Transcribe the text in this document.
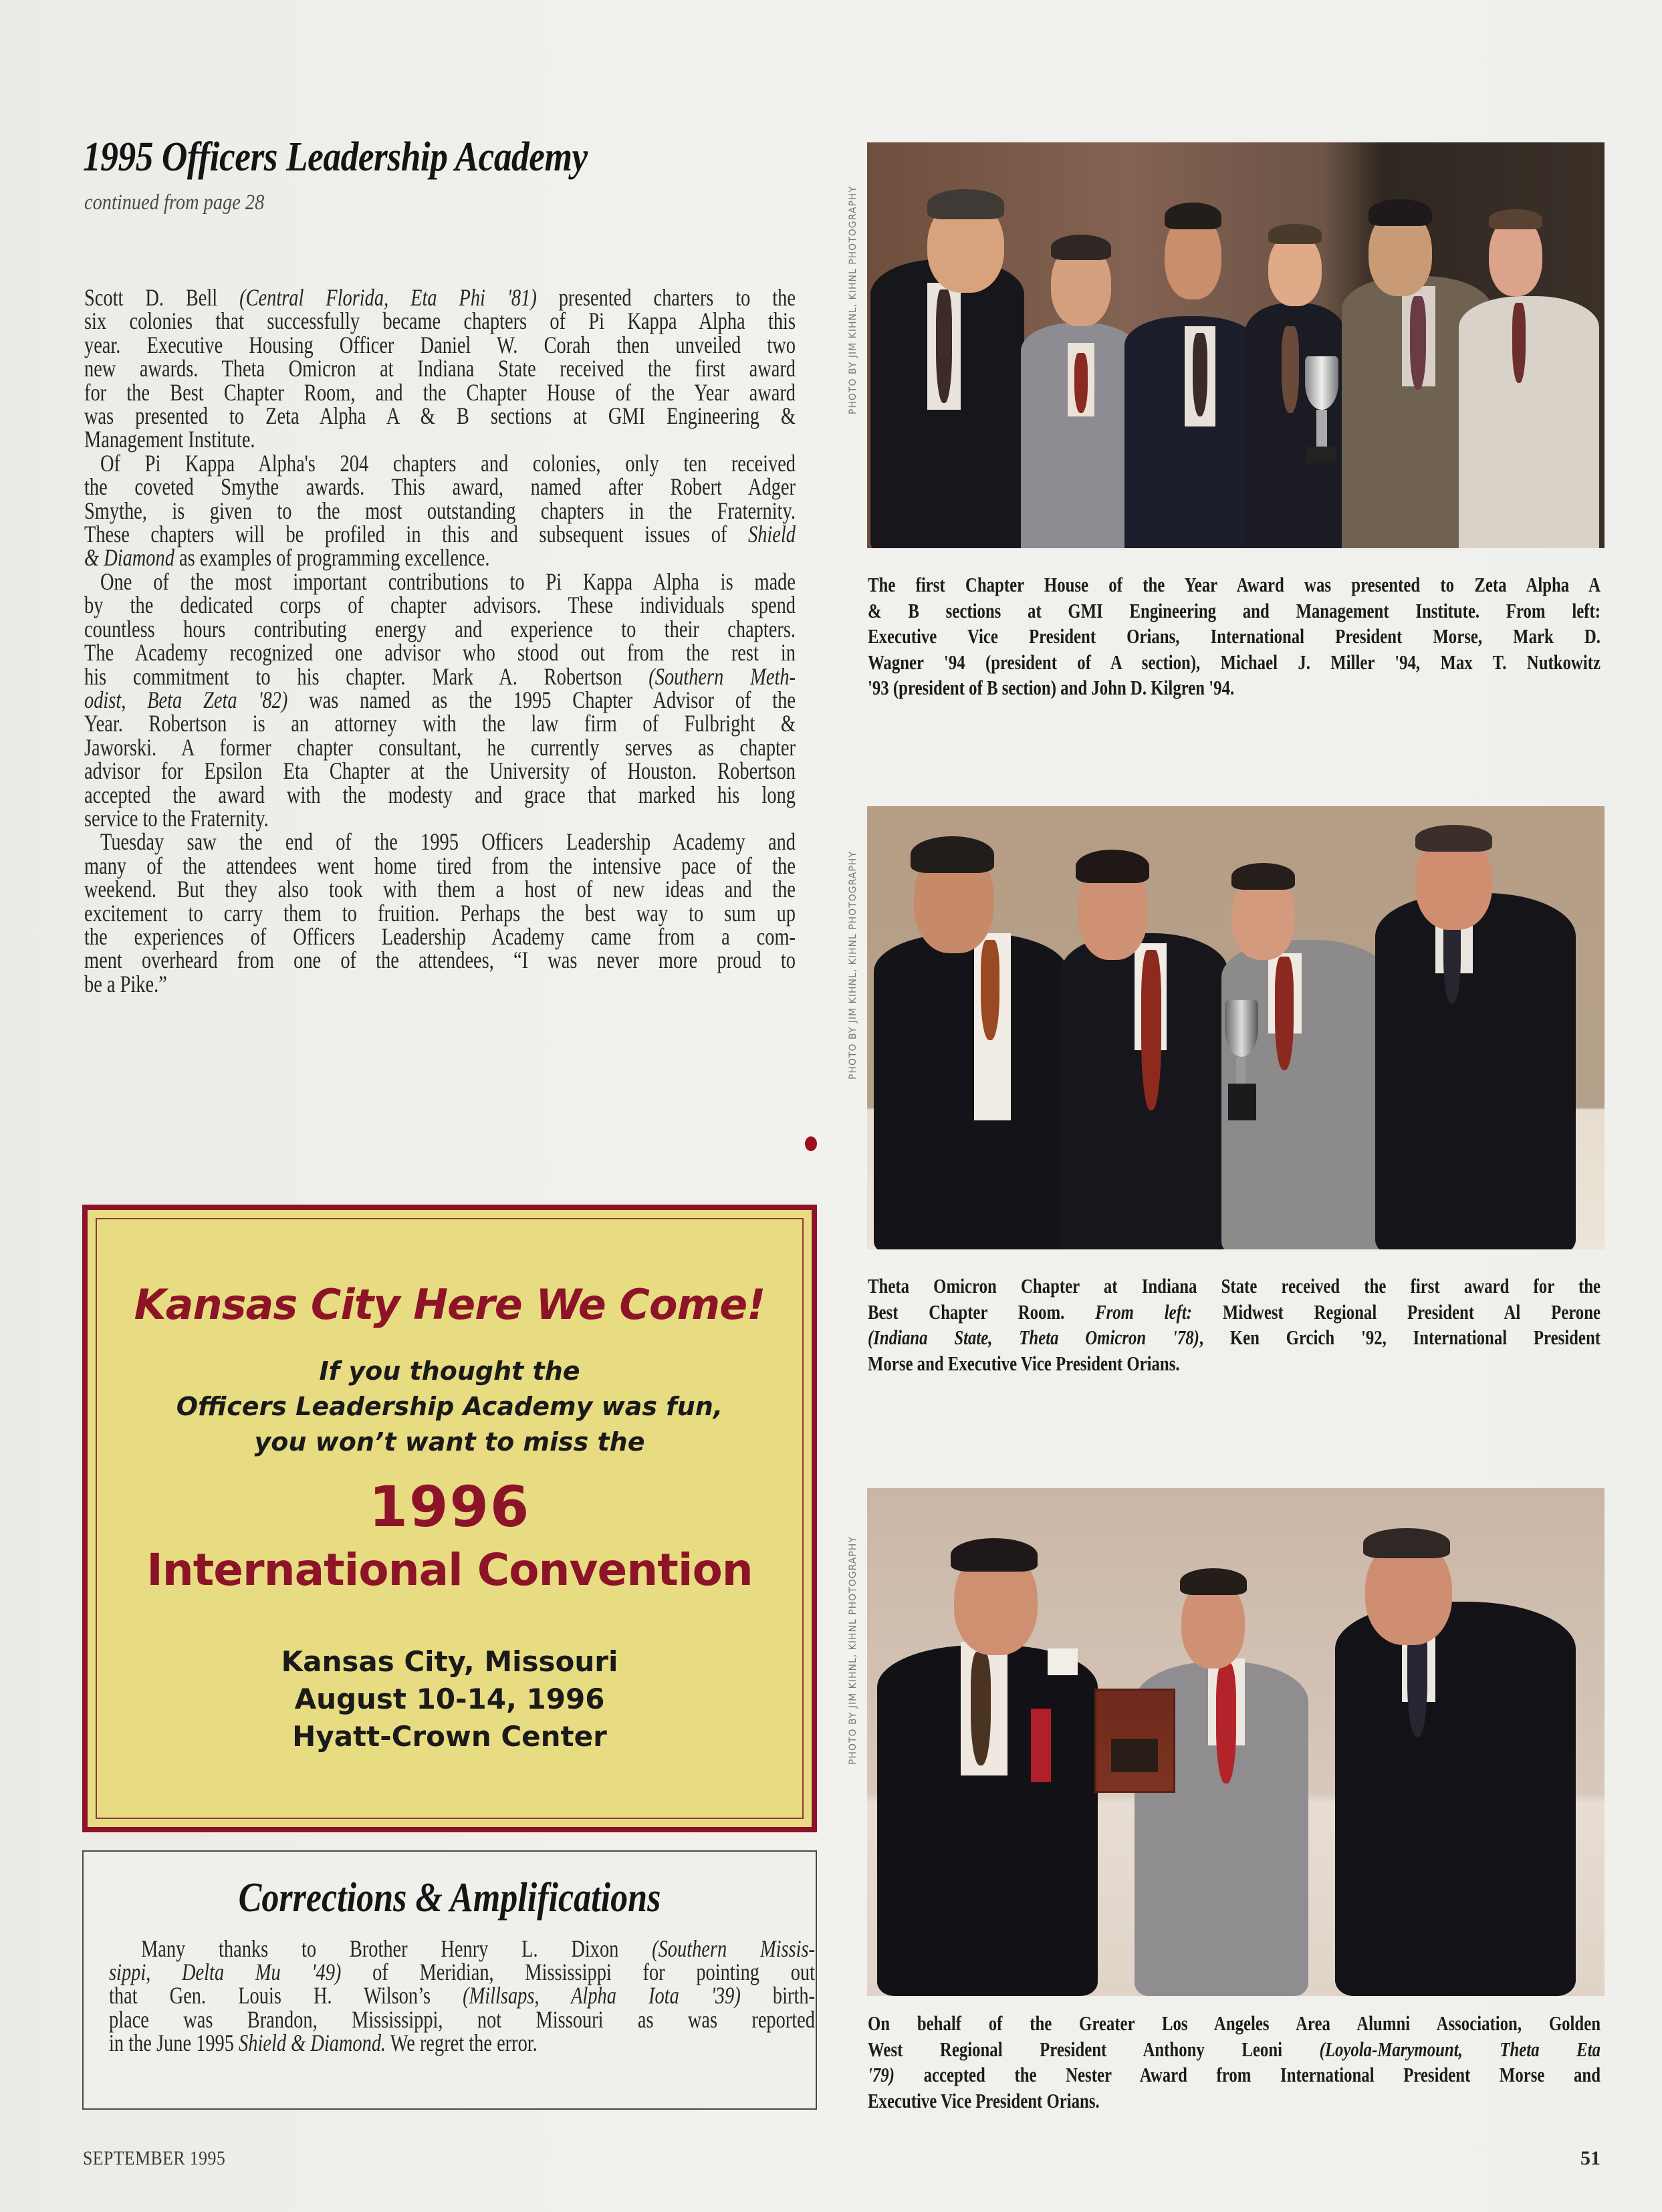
1995 Officers Leadership Academy
continued from page 28
Scott D. Bell (Central Florida, Eta Phi '81) presented charters to the
six colonies that successfully became chapters of Pi Kappa Alpha this
year. Executive Housing Officer Daniel W. Corah then unveiled two
new awards. Theta Omicron at Indiana State received the first award
for the Best Chapter Room, and the Chapter House of the Year award
was presented to Zeta Alpha A & B sections at GMI Engineering &
Management Institute.
Of Pi Kappa Alpha's 204 chapters and colonies, only ten received
the coveted Smythe awards. This award, named after Robert Adger
Smythe, is given to the most outstanding chapters in the Fraternity.
These chapters will be profiled in this and subsequent issues of Shield
& Diamond as examples of programming excellence.
One of the most important contributions to Pi Kappa Alpha is made
by the dedicated corps of chapter advisors. These individuals spend
countless hours contributing energy and experience to their chapters.
The Academy recognized one advisor who stood out from the rest in
his commitment to his chapter. Mark A. Robertson (Southern Meth-
odist, Beta Zeta '82) was named as the 1995 Chapter Advisor of the
Year. Robertson is an attorney with the law firm of Fulbright &
Jaworski. A former chapter consultant, he currently serves as chapter
advisor for Epsilon Eta Chapter at the University of Houston. Robertson
accepted the award with the modesty and grace that marked his long
service to the Fraternity.
Tuesday saw the end of the 1995 Officers Leadership Academy and
many of the attendees went home tired from the intensive pace of the
weekend. But they also took with them a host of new ideas and the
excitement to carry them to fruition. Perhaps the best way to sum up
the experiences of Officers Leadership Academy came from a com-
ment overheard from one of the attendees, “I was never more proud to
be a Pike.”
Kansas City Here We Come!
If you thought the
Officers Leadership Academy was fun,
you won’t want to miss the
1996
International Convention
Kansas City, Missouri
August 10-14, 1996
Hyatt-Crown Center
Corrections & Amplifications
Many thanks to Brother Henry L. Dixon (Southern Missis-
sippi, Delta Mu '49) of Meridian, Mississippi for pointing out
that Gen. Louis H. Wilson’s (Millsaps, Alpha Iota '39) birth-
place was Brandon, Mississippi, not Missouri as was reported
in the June 1995 Shield & Diamond. We regret the error.
PHOTO BY JIM KIHNL, KIHNL PHOTOGRAPHY
The first Chapter House of the Year Award was presented to Zeta Alpha A
& B sections at GMI Engineering and Management Institute. From left:
Executive Vice President Orians, International President Morse, Mark D.
Wagner '94 (president of A section), Michael J. Miller '94, Max T. Nutkowitz
'93 (president of B section) and John D. Kilgren '94.
PHOTO BY JIM KIHNL, KIHNL PHOTOGRAPHY
Theta Omicron Chapter at Indiana State received the first award for the
Best Chapter Room. From left: Midwest Regional President Al Perone
(Indiana State, Theta Omicron '78), Ken Grcich '92, International President
Morse and Executive Vice President Orians.
PHOTO BY JIM KIHNL, KIHNL PHOTOGRAPHY
On behalf of the Greater Los Angeles Area Alumni Association, Golden
West Regional President Anthony Leoni (Loyola-Marymount, Theta Eta
'79) accepted the Nester Award from International President Morse and
Executive Vice President Orians.
SEPTEMBER 1995	51
